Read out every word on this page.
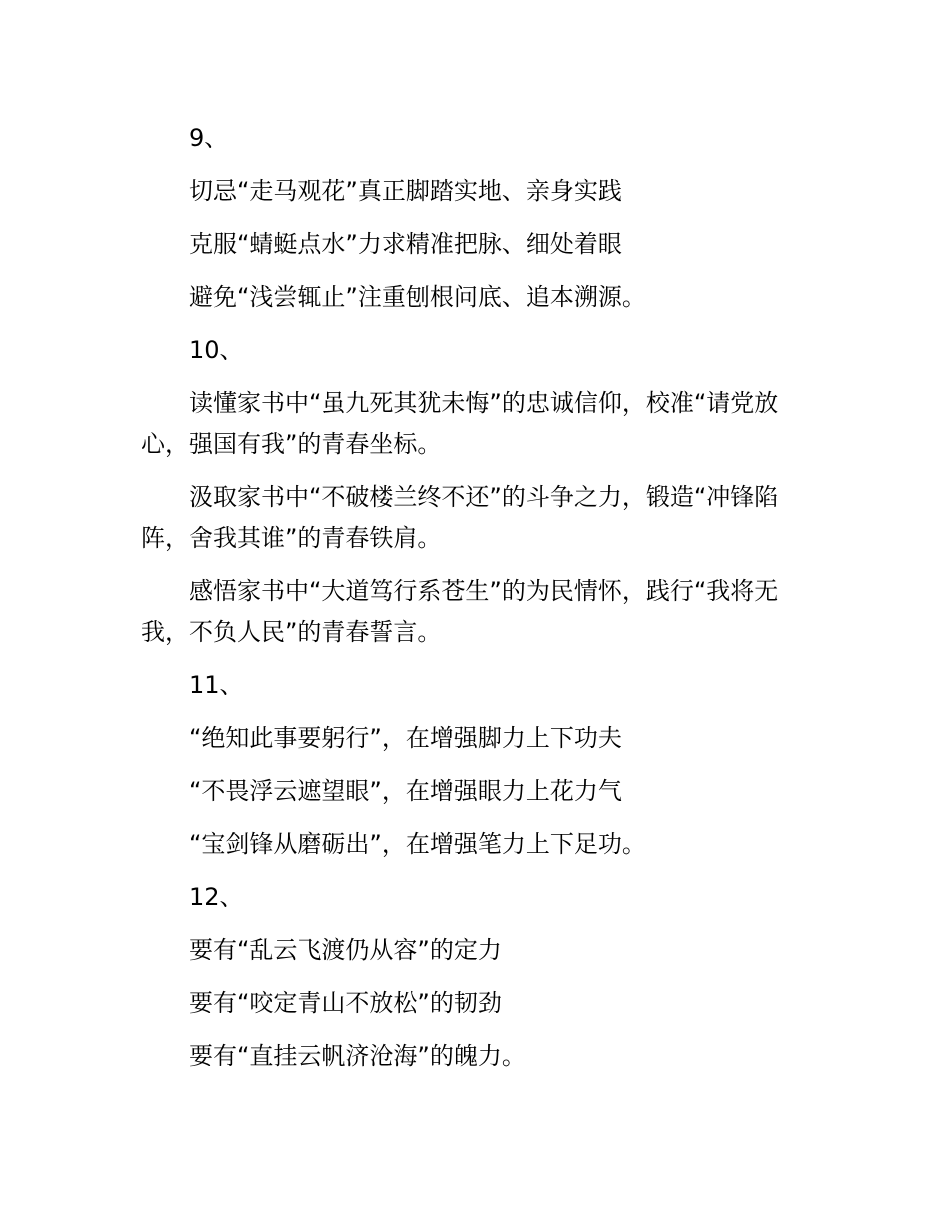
9、

切忌“走马观花”真正脚踏实地、亲身实践

克服“蜻蜓点水”力求精准把脉、细处着眼

避免“浅尝辄止”注重刨根问底、追本溯源。

10、

读懂家书中“虽九死其犹未悔”的忠诚信仰，校准“请党放心，强国有我”的青春坐标。

汲取家书中“不破楼兰终不还”的斗争之力，锻造“冲锋陷阵，舍我其谁”的青春铁肩。

感悟家书中“大道笃行系苍生”的为民情怀，践行“我将无我，不负人民”的青春誓言。

11、

“绝知此事要躬行”，在增强脚力上下功夫

“不畏浮云遮望眼”，在增强眼力上花力气

“宝剑锋从磨砺出”，在增强笔力上下足功。

12、

要有“乱云飞渡仍从容”的定力

要有“咬定青山不放松”的韧劲

要有“直挂云帆济沧海”的魄力。
